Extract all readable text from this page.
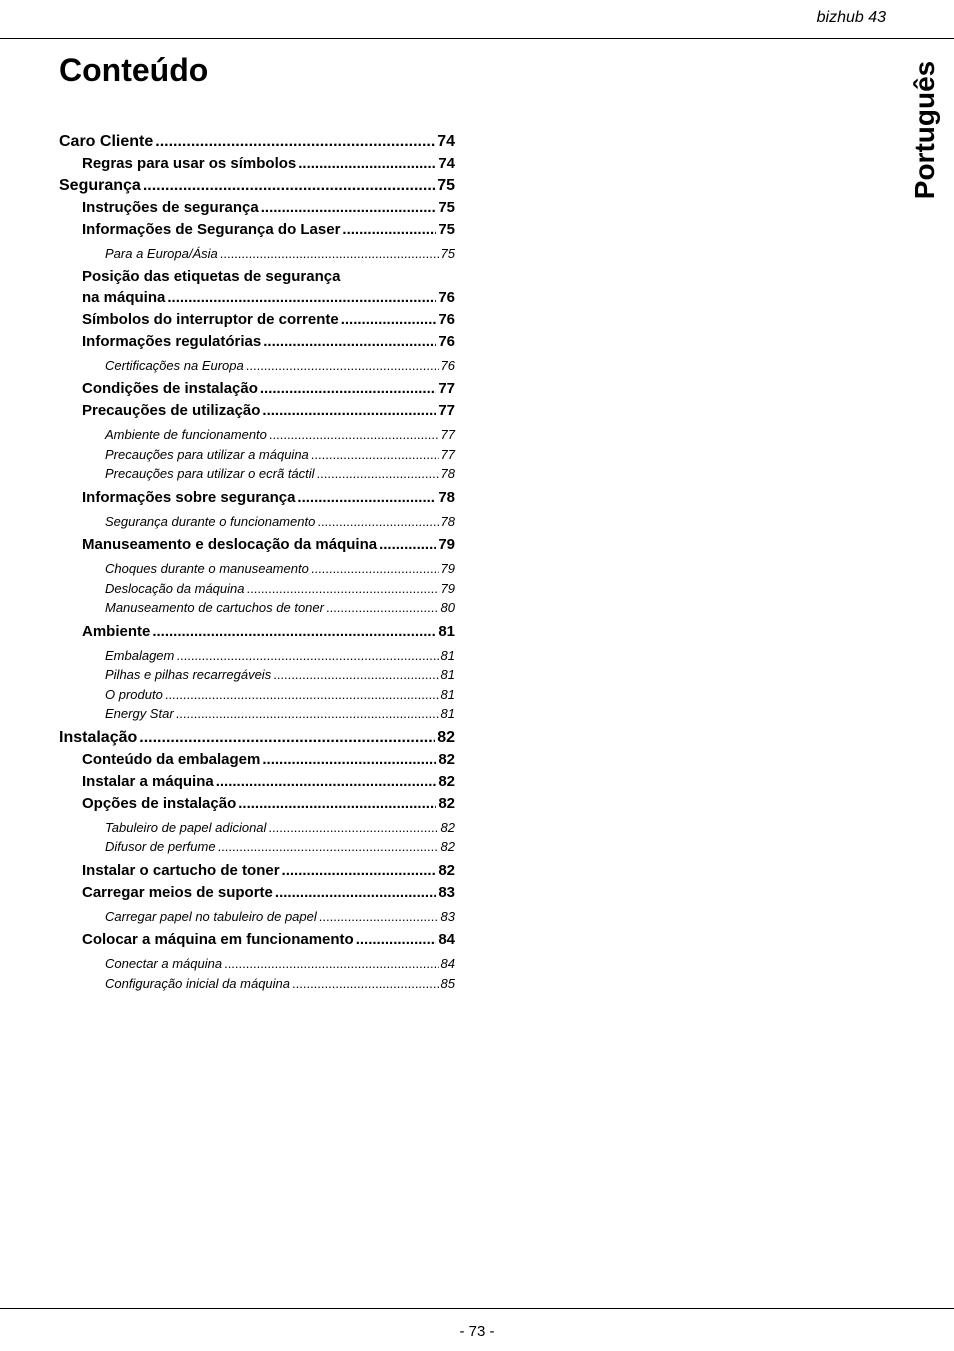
bizhub 43
Português
Conteúdo
Caro Cliente .....	74
Regras para usar os símbolos .....	74
Segurança .....	75
Instruções de segurança .....	75
Informações de Segurança do Laser .....	75
Para a Europa/Ásia .....	75
Posição das etiquetas de segurança
na máquina .....	76
Símbolos do interruptor de corrente .....	76
Informações regulatórias .....	76
Certificações na Europa .....	76
Condições de instalação .....	77
Precauções de utilização .....	77
Ambiente de funcionamento .....	77
Precauções para utilizar a máquina .....	77
Precauções para utilizar o ecrã táctil .....	78
Informações sobre segurança .....	78
Segurança durante o funcionamento .....	78
Manuseamento e deslocação da máquina .....	79
Choques durante o manuseamento .....	79
Deslocação da máquina .....	79
Manuseamento de cartuchos de toner .....	80
Ambiente .....	81
Embalagem .....	81
Pilhas e pilhas recarregáveis .....	81
O produto .....	81
Energy Star .....	81
Instalação .....	82
Conteúdo da embalagem .....	82
Instalar a máquina .....	82
Opções de instalação .....	82
Tabuleiro de papel adicional .....	82
Difusor de perfume .....	82
Instalar o cartucho de toner .....	82
Carregar meios de suporte .....	83
Carregar papel no tabuleiro de papel .....	83
Colocar a máquina em funcionamento .....	84
Conectar a máquina .....	84
Configuração inicial da máquina .....	85
- 73 -
